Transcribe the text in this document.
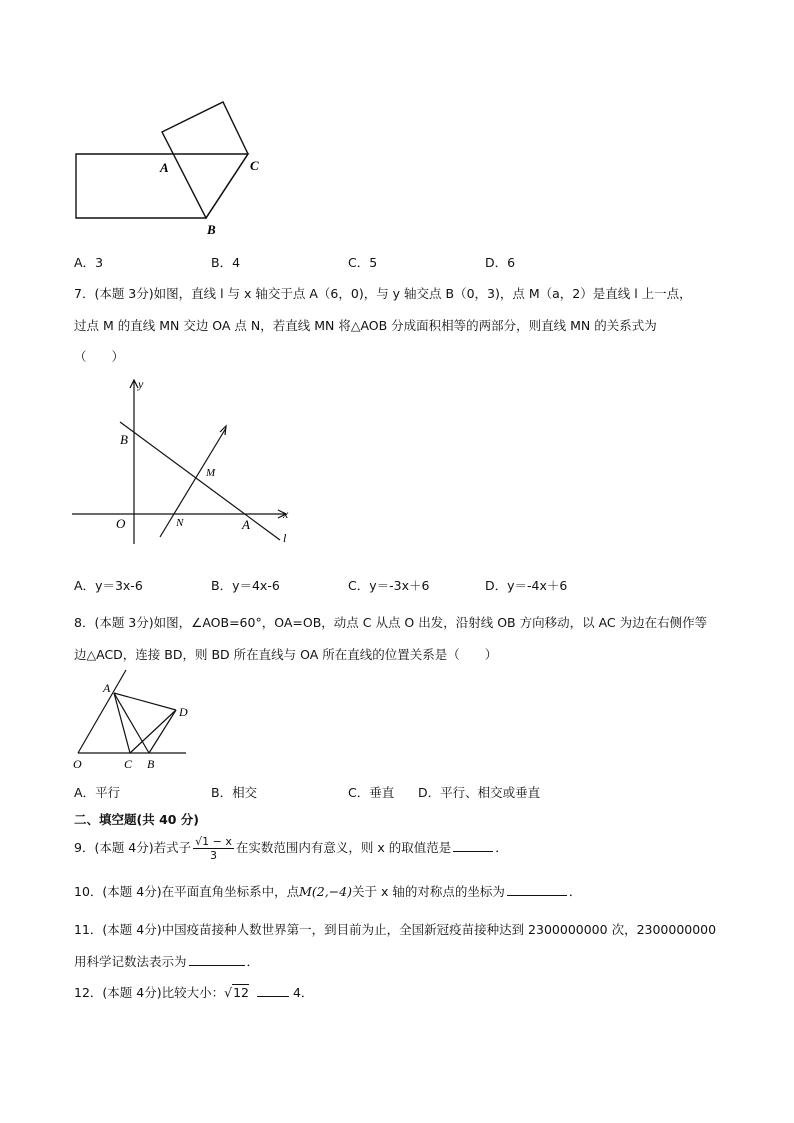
A	C
B
A．3	B．4	C．5	D．6
7．(本题 3分)如图，直线 l 与 x 轴交于点 A（6，0)，与 y 轴交点 B（0，3)，点 M（a，2）是直线 l 上一点，
过点 M 的直线 MN 交边 OA 点 N，若直线 MN 将△AOB 分成面积相等的两部分，则直线 MN 的关系式为
（　　）
y
x
B
M
O	N	A
l
A．y＝3x-6	B．y＝4x-6	C．y＝-3x＋6	D．y＝-4x＋6
8．(本题 3分)如图，∠AOB=60°，OA=OB，动点 C 从点 O 出发，沿射线 OB 方向移动，以 AC 为边在右侧作等
边△ACD，连接 BD，则 BD 所在直线与 OA 所在直线的位置关系是（　　）
A
D
O	C B
A．平行	B．相交	C．垂直 D．平行、相交或垂直
二、填空题(共 40 分)
9．(本题 4分)若式子 $\frac{√1 - x}{3}$ 在实数范围内有意义，则 x 的取值范是	．
10．(本题 4分)在平面直角坐标系中，点M(2,−4)关于 x 轴的对称点的坐标为	．
11．(本题 4分)中国疫苗接种人数世界第一，到目前为止，全国新冠疫苗接种达到 2300000000 次，2300000000
用科学记数法表示为	．
12．(本题 4分)比较大小：√12	4．
